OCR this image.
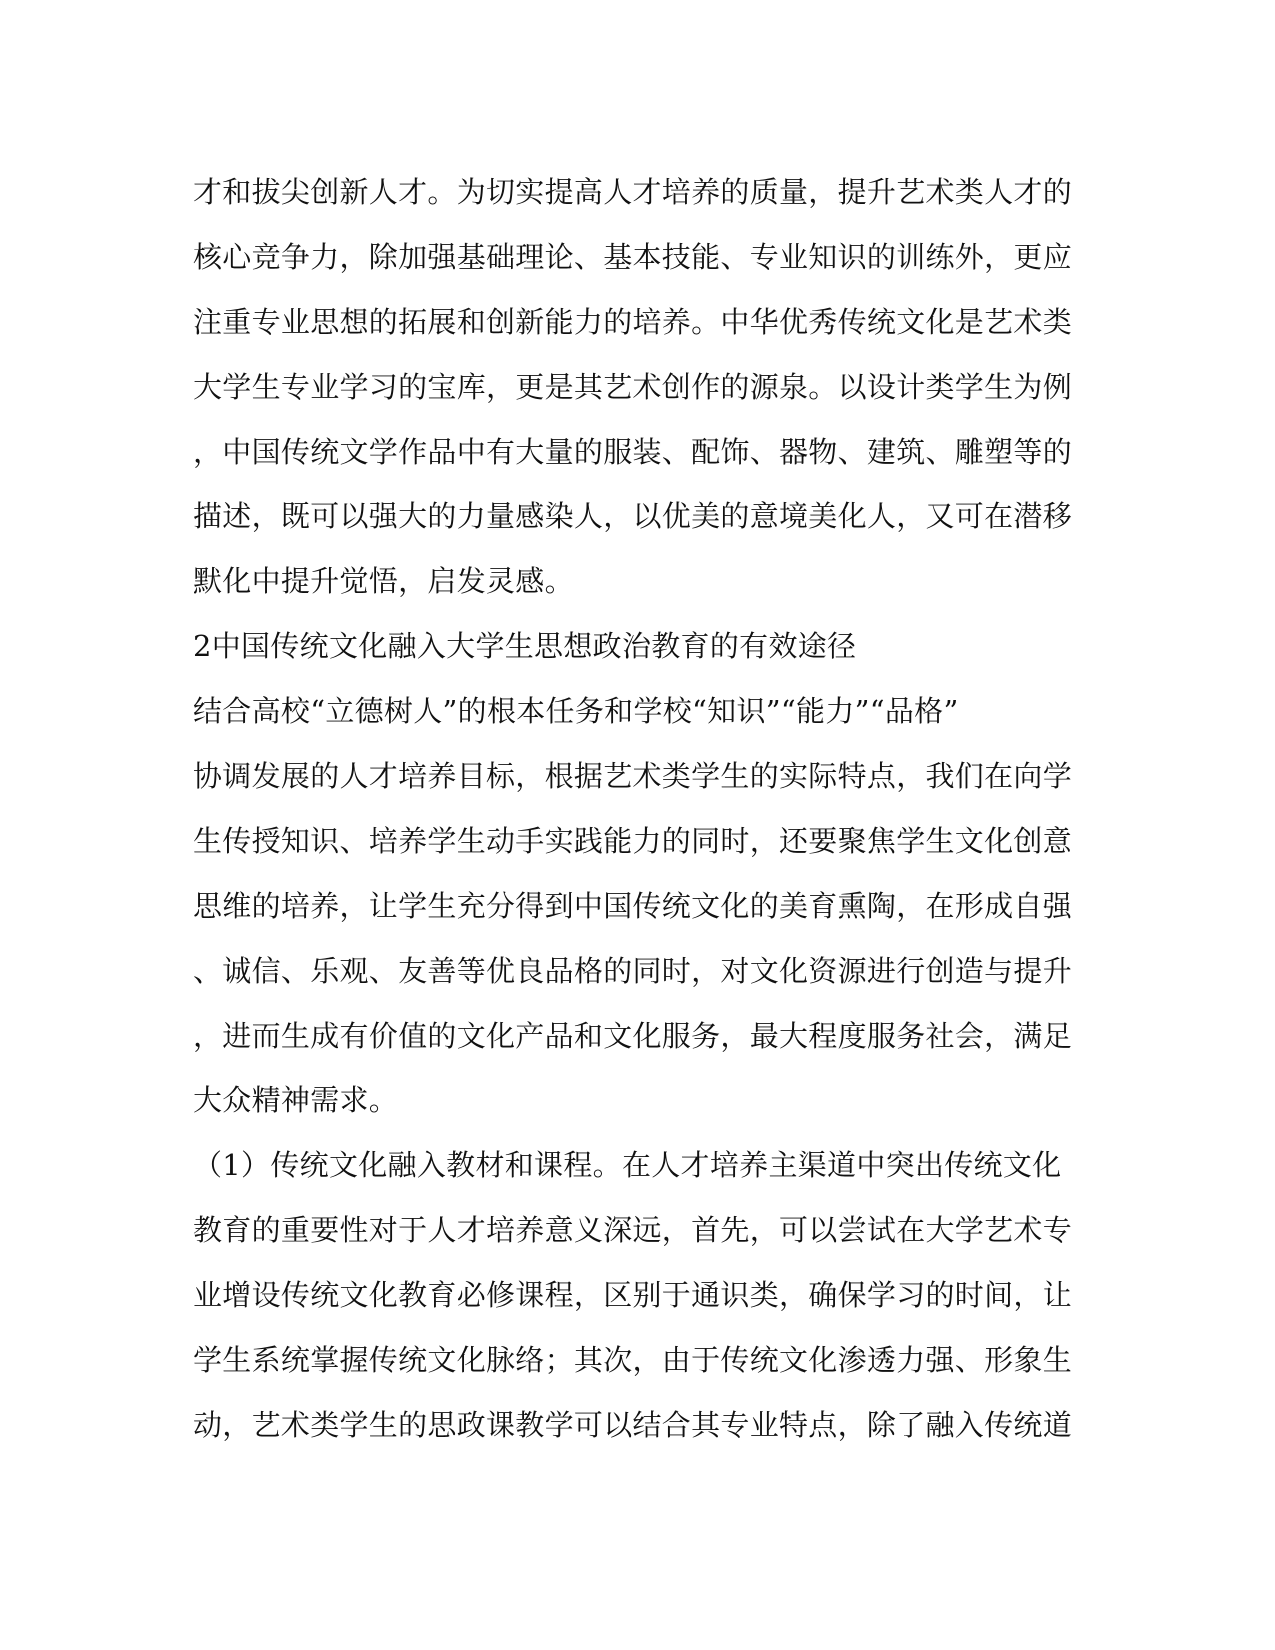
才和拔尖创新人才。为切实提高人才培养的质量，提升艺术类人才的
核心竞争力，除加强基础理论、基本技能、专业知识的训练外，更应
注重专业思想的拓展和创新能力的培养。中华优秀传统文化是艺术类
大学生专业学习的宝库，更是其艺术创作的源泉。以设计类学生为例
，中国传统文学作品中有大量的服装、配饰、器物、建筑、雕塑等的
描述，既可以强大的力量感染人，以优美的意境美化人，又可在潜移
默化中提升觉悟，启发灵感。
2中国传统文化融入大学生思想政治教育的有效途径
结合高校“立德树人”的根本任务和学校“知识”“能力”“品格”
协调发展的人才培养目标，根据艺术类学生的实际特点，我们在向学
生传授知识、培养学生动手实践能力的同时，还要聚焦学生文化创意
思维的培养，让学生充分得到中国传统文化的美育熏陶，在形成自强
、诚信、乐观、友善等优良品格的同时，对文化资源进行创造与提升
，进而生成有价值的文化产品和文化服务，最大程度服务社会，满足
大众精神需求。
（1）传统文化融入教材和课程。在人才培养主渠道中突出传统文化
教育的重要性对于人才培养意义深远，首先，可以尝试在大学艺术专
业增设传统文化教育必修课程，区别于通识类，确保学习的时间，让
学生系统掌握传统文化脉络；其次，由于传统文化渗透力强、形象生
动，艺术类学生的思政课教学可以结合其专业特点，除了融入传统道
